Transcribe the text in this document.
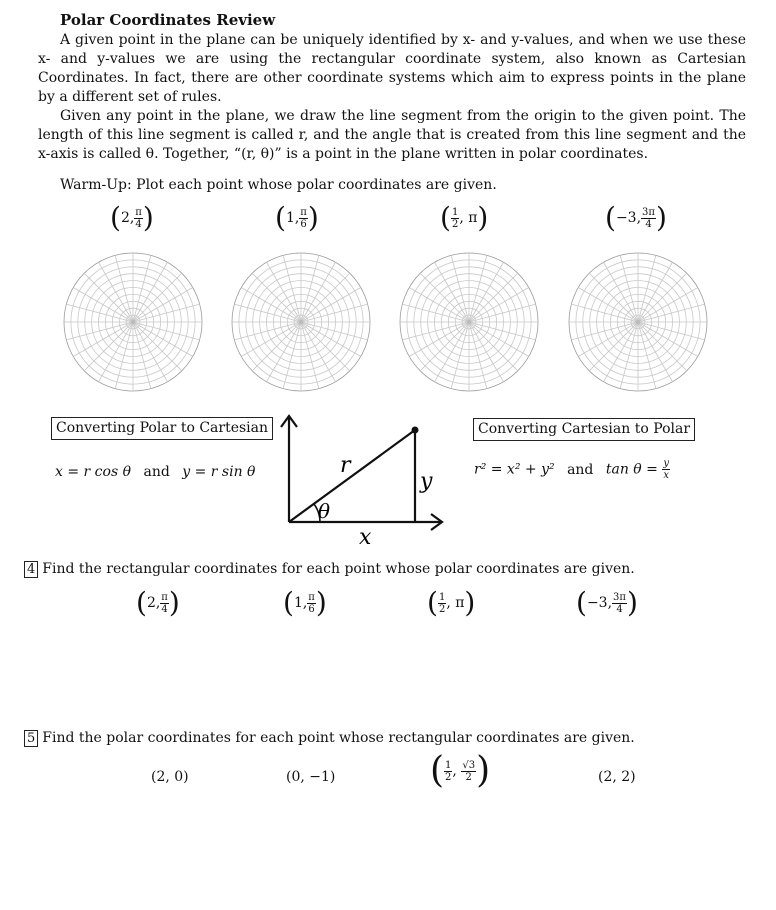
Polar Coordinates Review

A given point in the plane can be uniquely identified by x- and y-values, and when we use these x- and y-values we are using the rectangular coordinate system, also known as Cartesian Coordinates. In fact, there are other coordinate systems which aim to express points in the plane by a different set of rules.

Given any point in the plane, we draw the line segment from the origin to the given point. The length of this line segment is called r, and the angle that is created from this line segment and the x-axis is called θ. Together, “(r, θ)” is a point in the plane written in polar coordinates.

Warm-Up: Plot each point whose polar coordinates are given.
(2, $\frac{\pi}{4}$ )	(1, $\frac{\pi}{6}$ )	( $\frac{1}{2}$ , π)	(−3, $\frac{3\pi}{4}$ )
Converting Polar to Cartesian
x = r cos θ and y = r sin θ
Converting Cartesian to Polar
r² = x² + y² and $\tan \theta = \frac{y}{x}$
r
y
θ
x
4 Find the rectangular coordinates for each point whose polar coordinates are given.
(2, $\frac{\pi}{4}$ )	(1, $\frac{\pi}{6}$ )	( $\frac{1}{2}$ , π)	(−3, $\frac{3\pi}{4}$ )
5 Find the polar coordinates for each point whose rectangular coordinates are given.
(2, 0)	(0, −1)	( $\frac{1}{2}$ , $\frac{√3}{2}$ )	(2, 2)
